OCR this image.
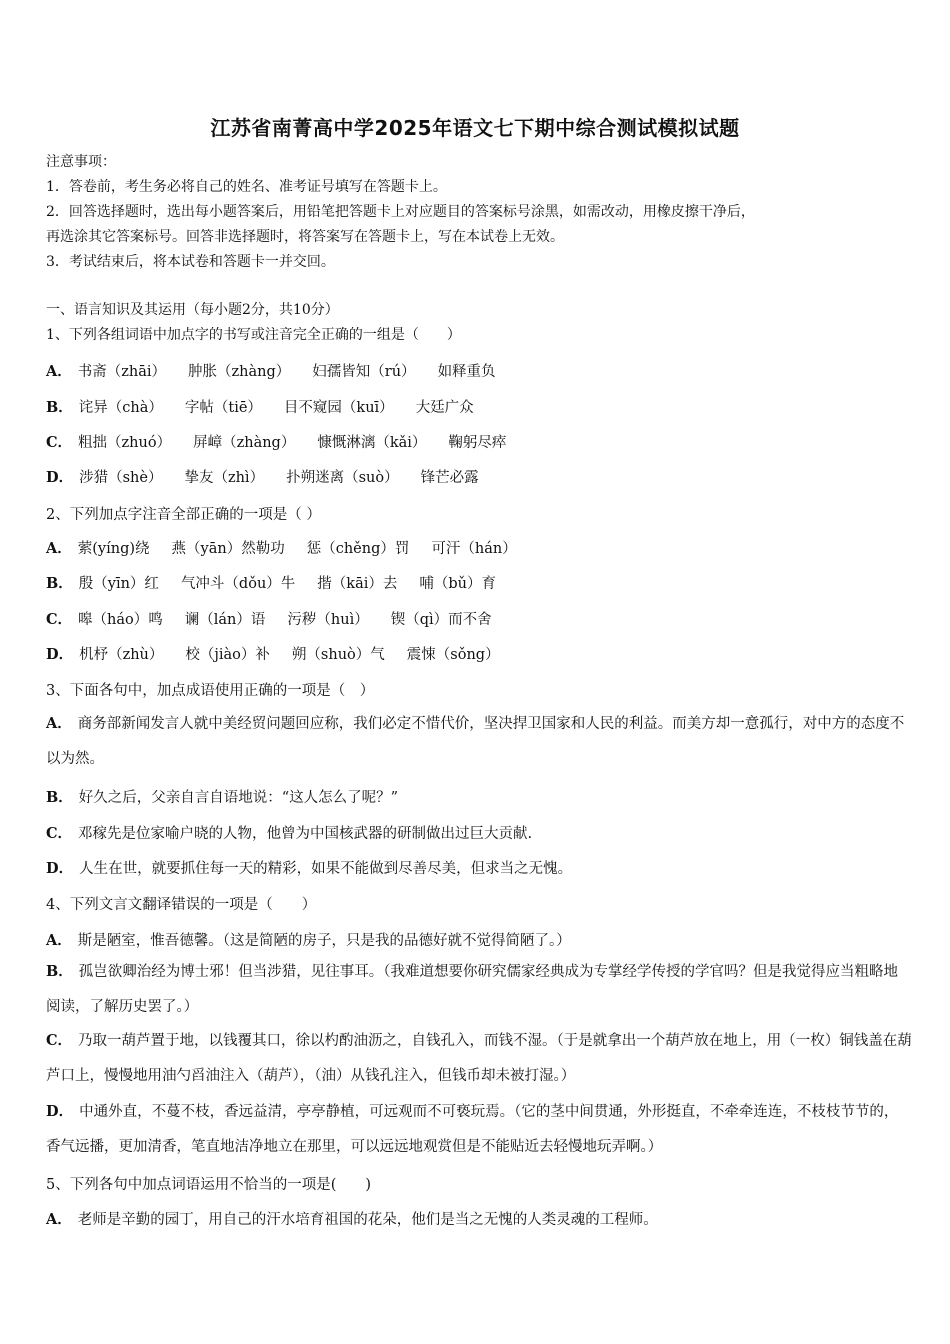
江苏省南菁高中学2025年语文七下期中综合测试模拟试题
注意事项：
1．答卷前，考生务必将自己的姓名、准考证号填写在答题卡上。
2．回答选择题时，选出每小题答案后，用铅笔把答题卡上对应题目的答案标号涂黑，如需改动，用橡皮擦干净后，
再选涂其它答案标号。回答非选择题时，将答案写在答题卡上，写在本试卷上无效。
3．考试结束后，将本试卷和答题卡一并交回。
一、语言知识及其运用（每小题2分，共10分）
1、下列各组词语中加点字的书写或注音完全正确的一组是（　　）
A． 书斋（zhāi） 肿胀（zhàng） 妇孺皆知（rú） 如释重负
B． 诧异（chà） 字帖（tiē） 目不窥园（kuī） 大廷广众
C． 粗拙（zhuó） 屏嶂（zhàng） 慷慨淋漓（kǎi） 鞠躬尽瘁
D． 涉猎（shè） 挚友（zhì） 扑朔迷离（suò） 锋芒必露
2、下列加点字注音全部正确的一项是（ ）
A． 萦(yíng)绕 燕（yān）然勒功 惩（chěng）罚 可汗（hán）
B． 殷（yīn）红 气冲斗（dǒu）牛 揩（kāi）去 哺（bǔ）育
C． 嗥（háo）鸣 谰（lán）语 污秽（huì） 锲（qì）而不舍
D． 机杼（zhù） 校（jiào）补 朔（shuò）气 震悚（sǒng）
3、下面各句中，加点成语使用正确的一项是（　）
A． 商务部新闻发言人就中美经贸问题回应称，我们必定不惜代价，坚决捍卫国家和人民的利益。而美方却一意孤行，对中方的态度不以为然。
B． 好久之后，父亲自言自语地说：“这人怎么了呢？”
C． 邓稼先是位家喻户晓的人物，他曾为中国核武器的研制做出过巨大贡献.
D． 人生在世，就要抓住每一天的精彩，如果不能做到尽善尽美，但求当之无愧。
4、下列文言文翻译错误的一项是（　　）
A． 斯是陋室，惟吾德馨。（这是简陋的房子，只是我的品德好就不觉得简陋了。）
B． 孤岂欲卿治经为博士邪！但当涉猎，见往事耳。（我难道想要你研究儒家经典成为专掌经学传授的学官吗？但是我觉得应当粗略地阅读，了解历史罢了。）
C． 乃取一葫芦置于地，以钱覆其口，徐以杓酌油沥之，自钱孔入，而钱不湿。（于是就拿出一个葫芦放在地上，用（一枚）铜钱盖在葫芦口上，慢慢地用油勺舀油注入（葫芦），（油）从钱孔注入，但钱币却未被打湿。）
D． 中通外直，不蔓不枝，香远益清，亭亭静植，可远观而不可亵玩焉。（它的茎中间贯通，外形挺直，不牵牵连连，不枝枝节节的，香气远播，更加清香，笔直地洁净地立在那里，可以远远地观赏但是不能贴近去轻慢地玩弄啊。）
5、下列各句中加点词语运用不恰当的一项是(　　)
A． 老师是辛勤的园丁，用自己的汗水培育祖国的花朵，他们是当之无愧的人类灵魂的工程师。
